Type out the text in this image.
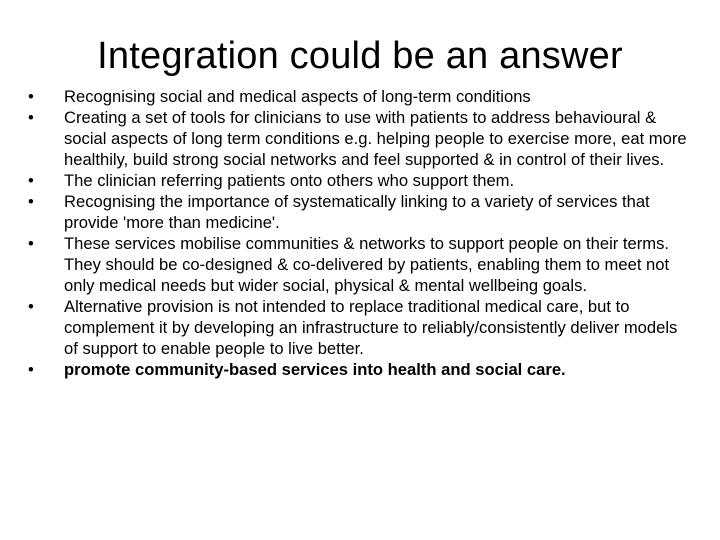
Integration could be an answer
•	Recognising social and medical aspects of long-term conditions
•	Creating a set of tools for clinicians to use with patients to address behavioural & social aspects of long term conditions e.g. helping people to exercise more, eat more healthily, build strong social networks and feel supported & in control of their lives.
•	The clinician referring patients onto others who support them.
•	Recognising the importance of systematically linking to a variety of services that provide 'more than medicine'.
•	These services mobilise communities & networks to support people on their terms. They should be co-designed & co-delivered by patients, enabling them to meet not only medical needs but wider social, physical & mental wellbeing goals.
•	Alternative provision is not intended to replace traditional medical care, but to complement it by developing an infrastructure to reliably/consistently deliver models of support to enable people to live better.
•	promote community-based services into health and social care.
